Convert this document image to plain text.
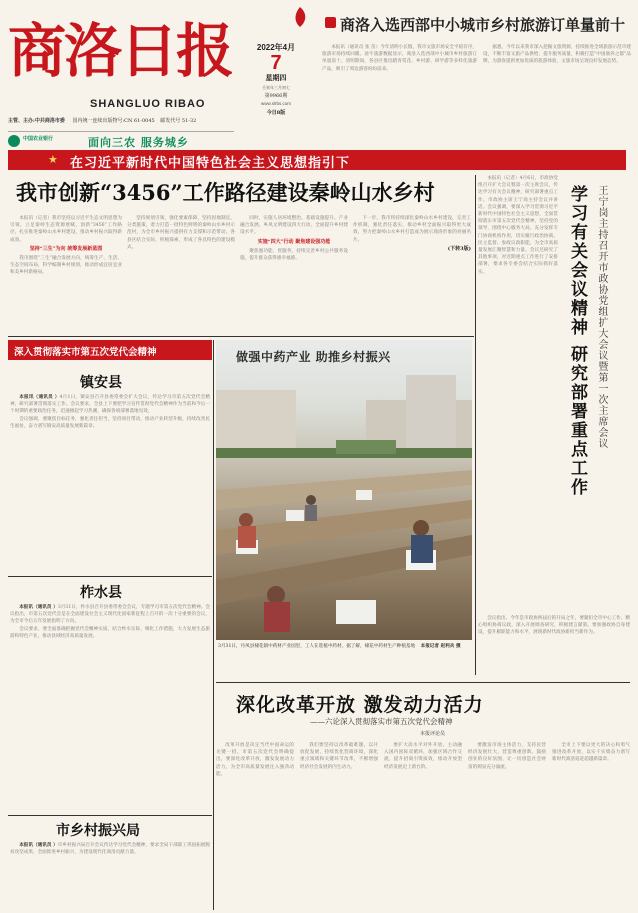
商洛日报
SHANGLUO RIBAO
2022年4月
7
星期四
壬寅年三月初七
第9966期
www.slrbs.com
今日8版
主管、主办:中共商洛市委 国内统一连续出版物号:CN 61-0045 邮发代号 51-32
中国农业银行	面向三农 服务城乡
商洛入选西部中小城市乡村旅游订单量前十

本报讯（通讯员 张 苗）今年清明小长假，我市文旅市场安全平稳有序，旅游市场持续回暖。途牛旅游数据显示，商洛入选西部中小城市乡村旅游订单量前十。清明期间，各县区推出踏青赏花、乡村游、研学游等多样化旅游产品，吸引了周边游客纷纷前来。

据悉，今年以来我市深入挖掘文旅资源，持续推进全域旅游示范市建设，不断丰富文旅产品供给，提升服务质量，积极打造“中国康养之都”品牌，为游客提供更加优质的旅游体验，文旅市场呈现良好发展态势。

★ 在习近平新时代中国特色社会主义思想指引下
我市创新“3456”工作路径建设秦岭山水乡村

本报讯（记者）我市坚持以习近平生态文明思想为引领，立足秦岭生态资源禀赋，创新“3456”工作路径，扎实推进秦岭山水乡村建设，推动乡村振兴取得新成效。

坚持“三生”为向 统筹发展新蓝图

我市围绕“三生”融合发展方向，统筹生产、生活、生态空间布局，科学编制乡村规划，推动形成宜居宜业和美乡村新格局。

坚持规划引领，强化要素保障，坚持因地制宜、分类施策，着力打造一批特色鲜明的秦岭山水乡村示范村，为全市乡村振兴提供有力支撑和示范带动。各县区结合实际，积极探索，形成了各具特色的建设模式。

同时，实施人居环境整治、基础设施提升、产业融合发展、乡风文明建设四大行动，全面提升乡村建设水平。

实施“四大”行动 聚焦建设强功能

聚焦强功能、优服务，持续完善乡村公共服务设施，提升群众获得感幸福感。

下一步，我市将持续深化秦岭山水乡村建设，完善工作机制，强化责任落实，推动乡村全面振兴取得更大成效，努力把秦岭山水乡村打造成为展示商洛形象的亮丽名片。

(下转3版)

本报讯（记者）4月6日，市政协党组召开扩大会议暨第一次主席会议，传达学习有关会议精神，研究部署重点工作。市政协主席王宁岗主持会议并讲话。会议强调，要深入学习贯彻习近平新时代中国特色社会主义思想，全面贯彻落实市第五次党代会精神，坚持党的领导，围绕中心服务大局，充分发挥专门协商机构作用，切实履行政治协商、民主监督、参政议政职能，为全市高质量发展汇聚智慧和力量。会议还研究了其他事项，对近期重点工作进行了安排部署，要求各专委会结合实际抓好落实。	学习有关会议精神 研究部署重点工作 王宁岗主持召开市政协党组扩大会议暨第一次主席会议

会议指出，今年是市政协换届后的开局之年，要紧扣全市中心工作，精心组织协商议政，深入开展调查研究，积极建言献策。要加强政协自身建设，提升履职能力和水平，展现新时代政协新担当新作为。

深入贯彻落实市第五次党代会精神
镇安县

本报讯（通讯员 ）4月1日，镇安县召开县委常委会扩大会议，传达学习市第五次党代会精神，研究部署贯彻落实工作。会议要求，全县上下要把学习宣传贯彻党代会精神作为当前和今后一个时期的重要政治任务，迅速掀起学习热潮，确保各项部署落地见效。

会议强调，要聚焦目标任务，强化责任担当，坚持项目带动，推动产业转型升级，持续改善民生福祉，奋力谱写镇安高质量发展新篇章。

柞水县

本报讯（通讯员 ）3月31日，柞水县召开县委常委会会议，专题学习市第五次党代会精神。会议指出，市第五次党代会是在全面建设社会主义现代化国家新征程上召开的一次十分重要的会议，为全市今后五年发展指明了方向。

会议要求，要全面准确把握党代会精神实质，结合柞水实际，细化工作措施，大力发展生态旅游和特色产业，推动县域经济高质量发展。

市乡村振兴局

本报讯（通讯员 ）市乡村振兴局召开会议传达学习党代会精神，要求全局干部职工巩固拓展脱贫攻坚成果，全面推进乡村振兴，为建设现代化商洛贡献力量。

做强中药产业 助推乡村振兴
3月31日，丹凤县棣花镇中药材产业园里，工人在选植中药材。据了解，棣花中药材生产种植基地 本报记者 赵利兵 摄
深化改革开放 激发动力活力
——六论深入贯彻落实市第五次党代会精神
本报评论员

改革开放是决定当代中国命运的关键一招。市第五次党代会明确提出，要深化改革开放，激发发展动力活力，为全市高质量发展注入强劲动能。

我们要坚持以改革破难题、以开放促发展，持续优化营商环境，深化重点领域和关键环节改革，不断增强经济社会发展的内生动力。

要扩大高水平对外开放，主动融入国内国际双循环，加强区域合作交流，提升招商引资质效，推动开放型经济发展迈上新台阶。

要激发市场主体活力，支持民营经济发展壮大，营造尊重创新、鼓励创业的良好氛围，让一切创造社会财富的源泉充分涌流。

全市上下要以更大的决心和勇气推进改革开放，以实干实绩奋力谱写新时代商洛追赶超越新篇章。
